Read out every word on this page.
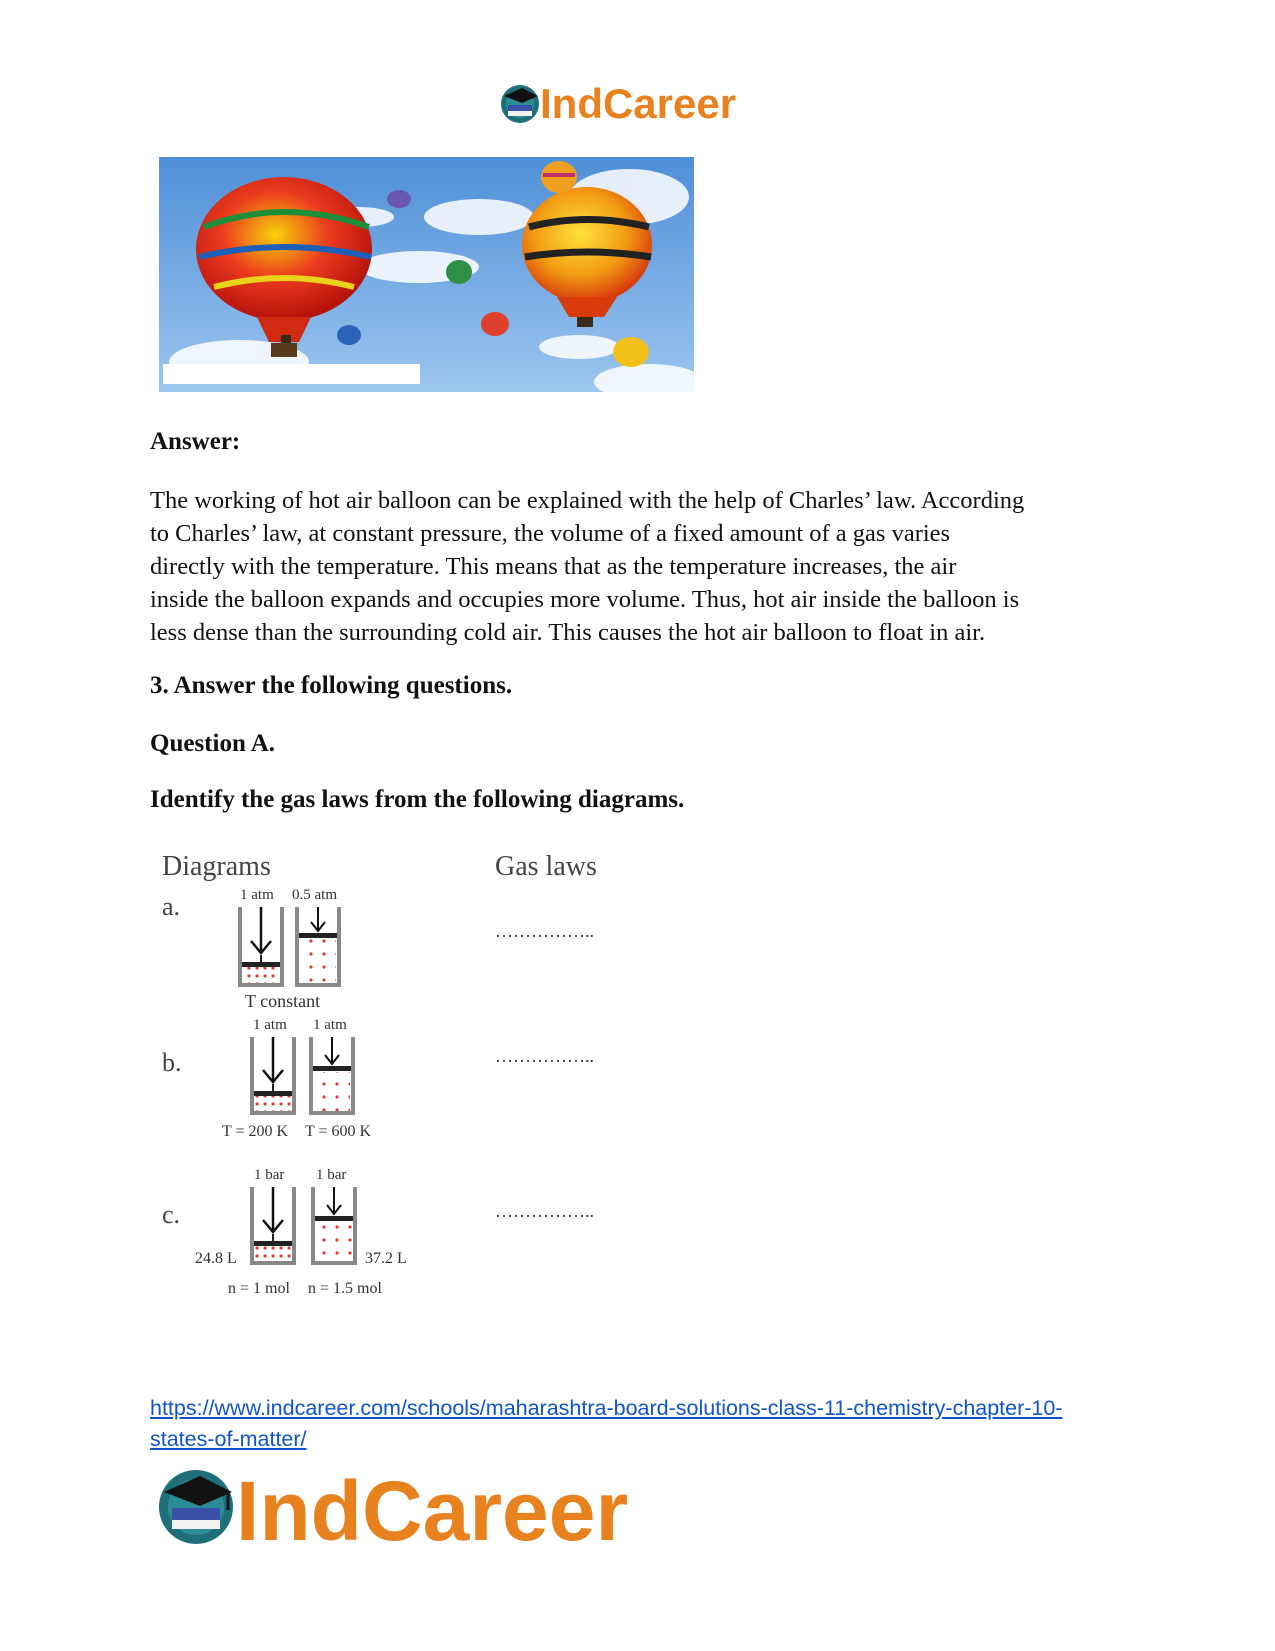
IndCareer
Answer:
The working of hot air balloon can be explained with the help of Charles’ law. According
to Charles’ law, at constant pressure, the volume of a fixed amount of a gas varies
directly with the temperature. This means that as the temperature increases, the air
inside the balloon expands and occupies more volume. Thus, hot air inside the balloon is
less dense than the surrounding cold air. This causes the hot air balloon to float in air.
3. Answer the following questions.
Question A.
Identify the gas laws from the following diagrams.
Diagrams	Gas laws
a.	1 atm 0.5 atm
T constant
……………..
b.
1 atm 1 atm
T = 200 K T = 600 K
……………..
c.
1 bar 1 bar
24.8 L	37.2 L
n = 1 mol n = 1.5 mol
……………..
https://www.indcareer.com/schools/maharashtra-board-solutions-class-11-chemistry-chapter-10-
states-of-matter/
IndCareer
